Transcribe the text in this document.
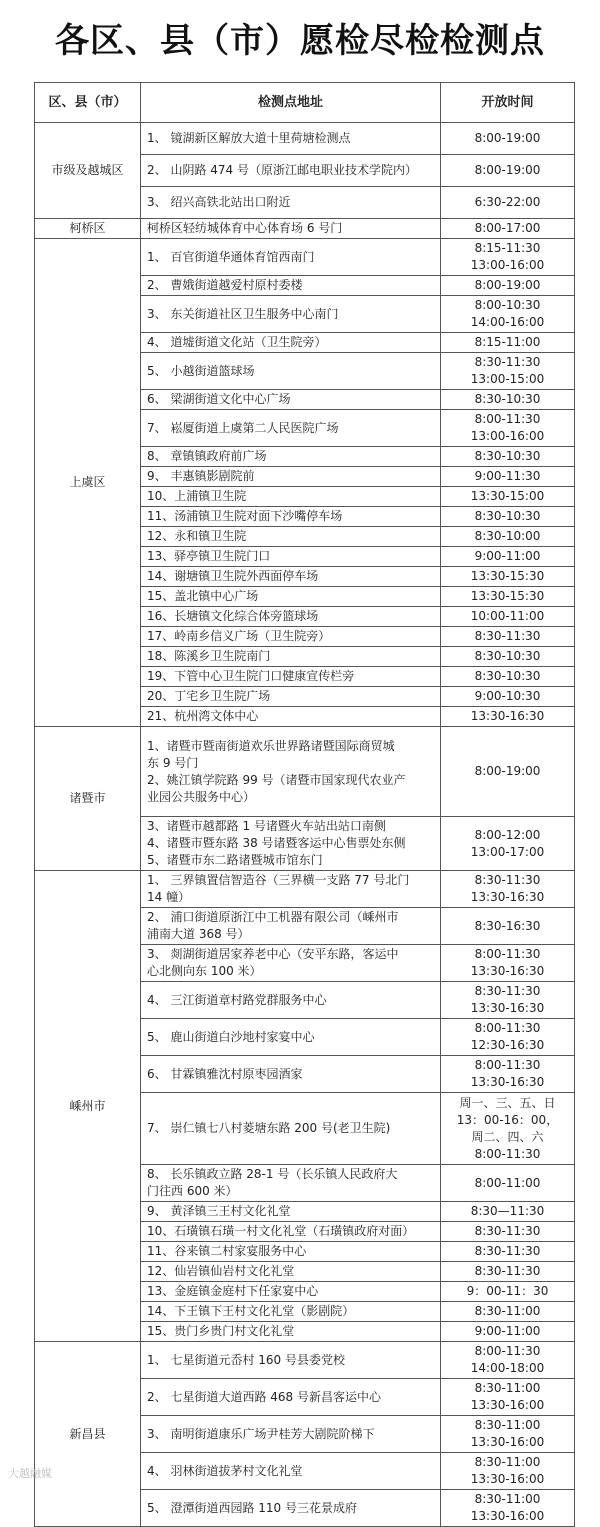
各区、县（市）愿检尽检检测点
区、县（市）	检测点地址	开放时间
市级及越城区	1、 镜湖新区解放大道十里荷塘检测点	8:00-19:00

	2、 山阴路 474 号（原浙江邮电职业技术学院内）	8:00-19:00

	3、 绍兴高铁北站出口附近	6:30-22:00

柯桥区	柯桥区轻纺城体育中心体育场 6 号门	8:00-17:00

上虞区	1、 百官街道华通体育馆西南门	8:15-11:30
13:00-16:00

	2、 曹娥街道越爱村原村委楼	8:00-19:00

	3、 东关街道社区卫生服务中心南门	8:00-10:30
14:00-16:00

	4、 道墟街道文化站（卫生院旁）	8:15-11:00

	5、 小越街道篮球场	8:30-11:30
13:00-15:00

	6、 梁湖街道文化中心广场	8:30-10:30

	7、 崧厦街道上虞第二人民医院广场	8:00-11:30
13:00-16:00

	8、 章镇镇政府前广场	8:30-10:30

	9、 丰惠镇影剧院前	9:00-11:30

	10、上浦镇卫生院	13:30-15:00

	11、汤浦镇卫生院对面下沙嘴停车场	8:30-10:30

	12、永和镇卫生院	8:30-10:00

	13、驿亭镇卫生院门口	9:00-11:00

	14、谢塘镇卫生院外西面停车场	13:30-15:30

	15、盖北镇中心广场	13:30-15:30

	16、长塘镇文化综合体旁篮球场	10:00-11:00

	17、岭南乡信义广场（卫生院旁）	8:30-11:30

	18、陈溪乡卫生院南门	8:30-10:30

	19、下管中心卫生院门口健康宣传栏旁	8:30-10:30

	20、丁宅乡卫生院广场	9:00-10:30

	21、杭州湾文体中心	13:30-16:30

诸暨市	1、诸暨市暨南街道欢乐世界路诸暨国际商贸城
东 9 号门
2、姚江镇学院路 99 号（诸暨市国家现代农业产
业园公共服务中心）	8:00-19:00

	3、诸暨市越都路 1 号诸暨火车站出站口南侧
4、诸暨市暨东路 38 号诸暨客运中心售票处东侧
5、诸暨市东二路诸暨城市馆东门	8:00-12:00
13:00-17:00

嵊州市	1、 三界镇置信智造谷（三界横一支路 77 号北门
14 幢）	8:30-11:30
13:30-16:30

	2、 浦口街道原浙江中工机器有限公司（嵊州市
浦南大道 368 号）	8:30-16:30

	3、 剡湖街道居家养老中心（安平东路，客运中
心北侧向东 100 米）	8:00-11:30
13:30-16:30

	4、 三江街道章村路党群服务中心	8:30-11:30
13:30-16:30

	5、 鹿山街道白沙地村家宴中心	8:00-11:30
12:30-16:30

	6、 甘霖镇雅沈村原枣园酒家	8:00-11:30
13:30-16:30

	7、 崇仁镇七八村菱塘东路 200 号(老卫生院)	周一、三、五、日
13：00-16：00，
周二、四、六
8:00-11:30

	8、 长乐镇政立路 28-1 号（长乐镇人民政府大
门往西 600 米）	8:00-11:00

	9、 黄泽镇三王村文化礼堂	8:30—11:30

	10、石璜镇石璜一村文化礼堂（石璜镇政府对面）	8:30-11:30

	11、谷来镇二村家宴服务中心	8:30-11:30

	12、仙岩镇仙岩村文化礼堂	8:30-11:30

	13、金庭镇金庭村下任家宴中心	9：00-11：30

	14、下王镇下王村文化礼堂（影剧院）	8:30-11:00

	15、贵门乡贵门村文化礼堂	9:00-11:00

新昌县	1、 七星街道元岙村 160 号县委党校	8:00-11:30
14:00-18:00

	2、 七星街道大道西路 468 号新昌客运中心	8:30-11:00
13:30-16:00

	3、 南明街道康乐广场尹桂芳大剧院阶梯下	8:30-11:00
13:30-16:00

	4、 羽林街道拔茅村文化礼堂	8:30-11:00
13:30-16:00

	5、 澄潭街道西园路 110 号三花景成府	8:30-11:00
13:30-16:00
大越融媒
